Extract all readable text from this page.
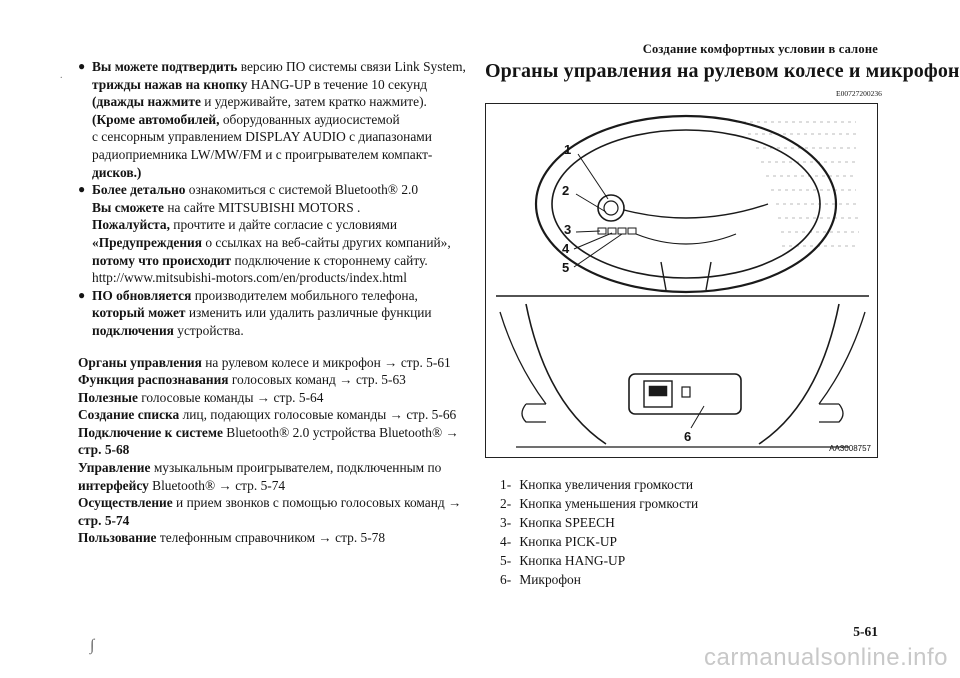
.
● Вы можете подтвердить версию ПО системы связи Link System,
трижды нажав на кнопку HANG-UP в течение 10 секунд
(дважды нажмите и удерживайте, затем кратко нажмите).
(Кроме автомобилей, оборудованных аудиосистемой
с сенсорным управлением DISPLAY AUDIO с диапазонами
радиоприемника LW/MW/FM и с проигрывателем компакт-
дисков.)
● Более детально ознакомиться с системой Bluetooth® 2.0
Вы сможете на сайте MITSUBISHI MOTORS .
Пожалуйста, прочтите и дайте согласие с условиями
«Предупреждения о ссылках на веб-сайты других компаний»,
потому что происходит подключение к стороннему сайту.
http://www.mitsubishi-motors.com/en/products/index.html
● ПО обновляется производителем мобильного телефона,
который может изменить или удалить различные функции
подключения устройства.
Органы управления на рулевом колесе и микрофон → стр. 5-61
Функция распознавания голосовых команд → стр. 5-63
Полезные голосовые команды → стр. 5-64
Создание списка лиц, подающих голосовые команды → стр. 5-66
Подключение к системе Bluetooth® 2.0 устройства Bluetooth® →
стр. 5-68
Управление музыкальным проигрывателем, подключенным по
интерфейсу Bluetooth® → стр. 5-74
Осуществление и прием звонков с помощью голосовых команд →
стр. 5-74
Пользование телефонным справочником → стр. 5-78
Создание комфортных условии в салоне
Органы управления на рулевом колесе и микрофон
E00727200236
1
2
3
4
5
6
AA3008757
1- Кнопка увеличения громкости
2- Кнопка уменьшения громкости
3- Кнопка SPEECH
4- Кнопка PICK-UP
5- Кнопка HANG-UP
6- Микрофон
∫
5-61
carmanualsonline.info
